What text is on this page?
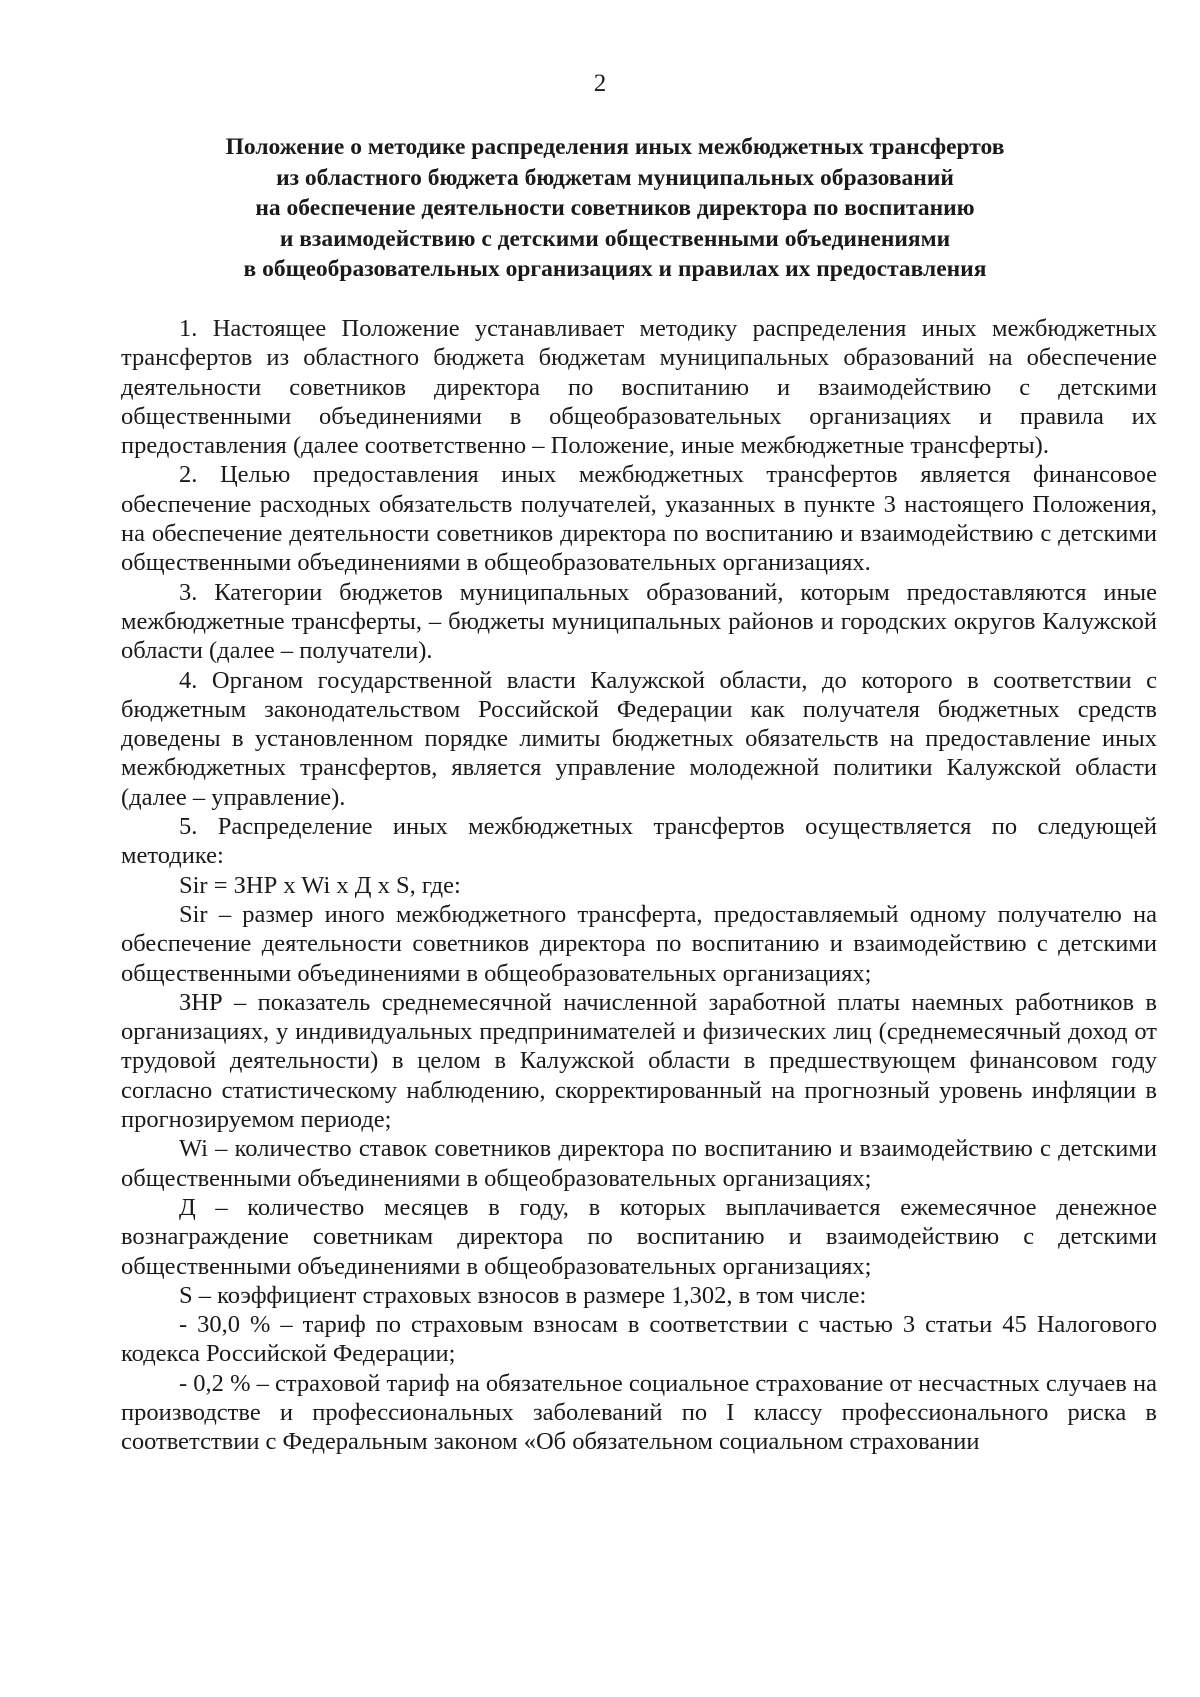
2
Положение о методике распределения иных межбюджетных трансфертов
из областного бюджета бюджетам муниципальных образований
на обеспечение деятельности советников директора по воспитанию
и взаимодействию с детскими общественными объединениями
в общеобразовательных организациях и правилах их предоставления

1. Настоящее Положение устанавливает методику распределения иных межбюджетных трансфертов из областного бюджета бюджетам муниципальных образований на обеспечение деятельности советников директора по воспитанию и взаимодействию с детскими общественными объединениями в общеобразовательных организациях и правила их предоставления (далее соответственно – Положение, иные межбюджетные трансферты).

2. Целью предоставления иных межбюджетных трансфертов является финансовое обеспечение расходных обязательств получателей, указанных в пункте 3 настоящего Положения, на обеспечение деятельности советников директора по воспитанию и взаимодействию с детскими общественными объединениями в общеобразовательных организациях.

3. Категории бюджетов муниципальных образований, которым предоставляются иные межбюджетные трансферты, – бюджеты муниципальных районов и городских округов Калужской области (далее – получатели).

4. Органом государственной власти Калужской области, до которого в соответствии с бюджетным законодательством Российской Федерации как получателя бюджетных средств доведены в установленном порядке лимиты бюджетных обязательств на предоставление иных межбюджетных трансфертов, является управление молодежной политики Калужской области (далее – управление).

5. Распределение иных межбюджетных трансфертов осуществляется по следующей методике:

Sir = ЗНР x Wi x Д x S, где:

Sir – размер иного межбюджетного трансферта, предоставляемый одному получателю на обеспечение деятельности советников директора по воспитанию и взаимодействию с детскими общественными объединениями в общеобразовательных организациях;

ЗНР – показатель среднемесячной начисленной заработной платы наемных работников в организациях, у индивидуальных предпринимателей и физических лиц (среднемесячный доход от трудовой деятельности) в целом в Калужской области в предшествующем финансовом году согласно статистическому наблюдению, скорректированный на прогнозный уровень инфляции в прогнозируемом периоде;

Wi – количество ставок советников директора по воспитанию и взаимодействию с детскими общественными объединениями в общеобразовательных организациях;

Д – количество месяцев в году, в которых выплачивается ежемесячное денежное вознаграждение советникам директора по воспитанию и взаимодействию с детскими общественными объединениями в общеобразовательных организациях;

S – коэффициент страховых взносов в размере 1,302, в том числе:

- 30,0 % – тариф по страховым взносам в соответствии с частью 3 статьи 45 Налогового кодекса Российской Федерации;

- 0,2 % – страховой тариф на обязательное социальное страхование от несчастных случаев на производстве и профессиональных заболеваний по I классу профессионального риска в соответствии с Федеральным законом «Об обязательном социальном страховании
